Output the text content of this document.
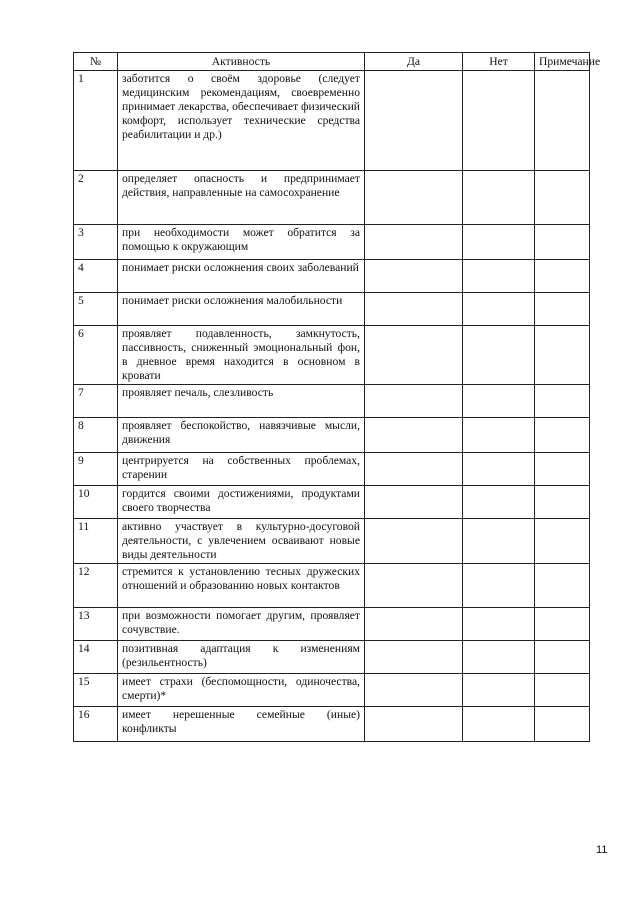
№	Активность	Да	Нет	Примечание
1	заботится о своём здоровье (следует медицинским рекомендациям, своевременно принимает лекарства, обеспечивает физический комфорт, использует технические средства реабилитации и др.)			
2	определяет опасность и предпринимает действия, направленные на самосохранение			
3	при необходимости может обратится за помощью к окружающим			
4	понимает риски осложнения своих заболеваний			
5	понимает риски осложнения малобильности			
6	проявляет подавленность, замкнутость, пассивность, сниженный эмоциональный фон, в дневное время находится в основном в кровати			
7	проявляет печаль, слезливость			
8	проявляет беспокойство, навязчивые мысли, движения			
9	центрируется на собственных проблемах, старении			
10	гордится своими достижениями, продуктами своего творчества			
11	активно участвует в культурно-досуговой деятельности, с увлечением осваивают новые виды деятельности			
12	стремится к установлению тесных дружеских отношений и образованию новых контактов			
13	при возможности помогает другим, проявляет сочувствие.			
14	позитивная адаптация к изменениям (резильентность)			
15	имеет страхи (беспомощности, одиночества, смерти)*			
16	имеет нерешенные семейные (иные) конфликты			
11
